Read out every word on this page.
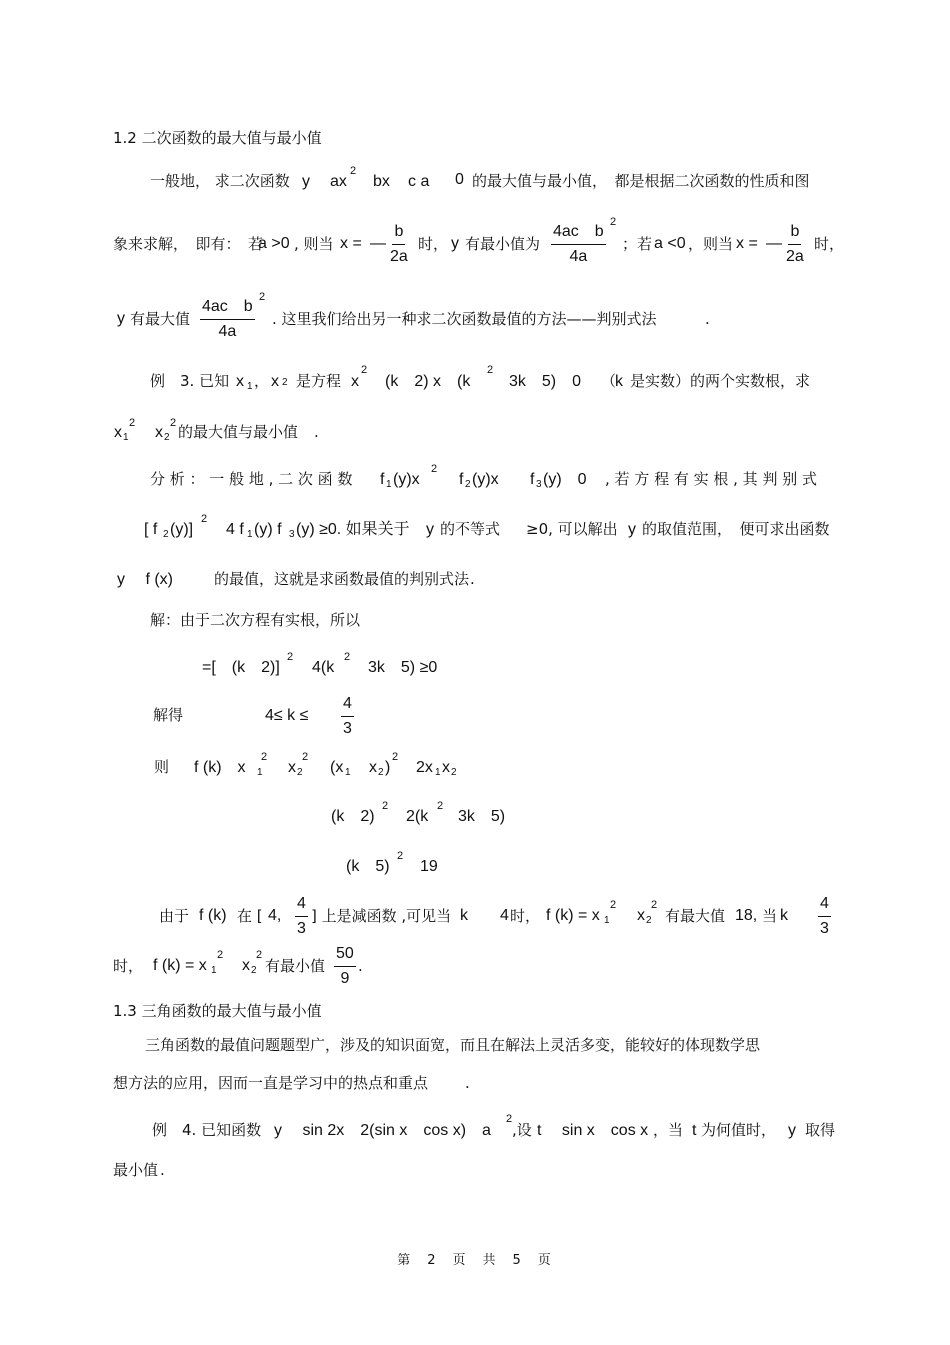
1.2 二次函数的最大值与最小值
一般地， 求二次函数 y ax
2
bx c a 0 的最大值与最小值，　都是根据二次函数的性质和图
象来求解，　即有：　若
a >0 , 则当 x = — $\frac{b}{2a}$ 时， y 有最小值为 $\frac{\text{4ac　b}}{4a} 2$
；若 a <0 ，则当 x = — $\frac{b}{2a}$ 时，
y 有最大值 $\frac{\text{4ac　b}}{4a} 2$
. 这里我们给出另一种求二次函数最值的方法——判别式法	.
例　3. 已知 x 1 ， x 2 是方程 x
2
(k　2) x　(k
2
3k　5)　0 （
k 是实数）的两个实数根，求
x 1
2
x 2
2 的最大值与最小值 .
分 析 ： 一 般 地 , 二 次 函 数 f 1 (y)x
2
f 2 (y)x f 3 (y)　0 , 若 方 程 有 实 根 , 其 判 别 式
[ f 2 (y)]
2
4 f 1 (y) f 3 (y) ≥0. 如果关于 y 的不等式 ≥0, 可以解出 y 的取值范围，　便可求出函数
y　 f (x)	的最值，这就是求函数最值的判别式法 .
解：由于二次方程有实根，所以
=[　(k　2)]
2
4(k
2
3k　5) ≥0
解得	$4\le k \le \frac{4}{3}$
则 f (k)　x 1
2
x 2
2
(x 1 x 2 )
2
2x 1 x 2
(k　2)
2
2(k
2
3k　5)
(k　5)
2
19
由于 f (k) 在 [ 4, $\frac{4}{3}$ ] 上是减函数 ,可见当 k 4 时， f (k) = x 1
2
x 2
2
有最大值 18, 当 k $\frac{4}{3}$
时， f (k) = x 1
2
x 2
2
有最小值 $\frac{50}{9}$ .
1.3 三角函数的最大值与最小值
三角函数的最值问题题型广，涉及的知识面宽，而且在解法上灵活多变，能较好的体现数学思
想方法的应用，因而一直是学习中的热点和重点 .
例　4. 已知函数 y　 sin 2x　2(sin x　cos x)　a
2
,设 t　 sin x　cos x ，当 t 为何值时， y 取得
最小值 .
第　2　页　共　5　页
